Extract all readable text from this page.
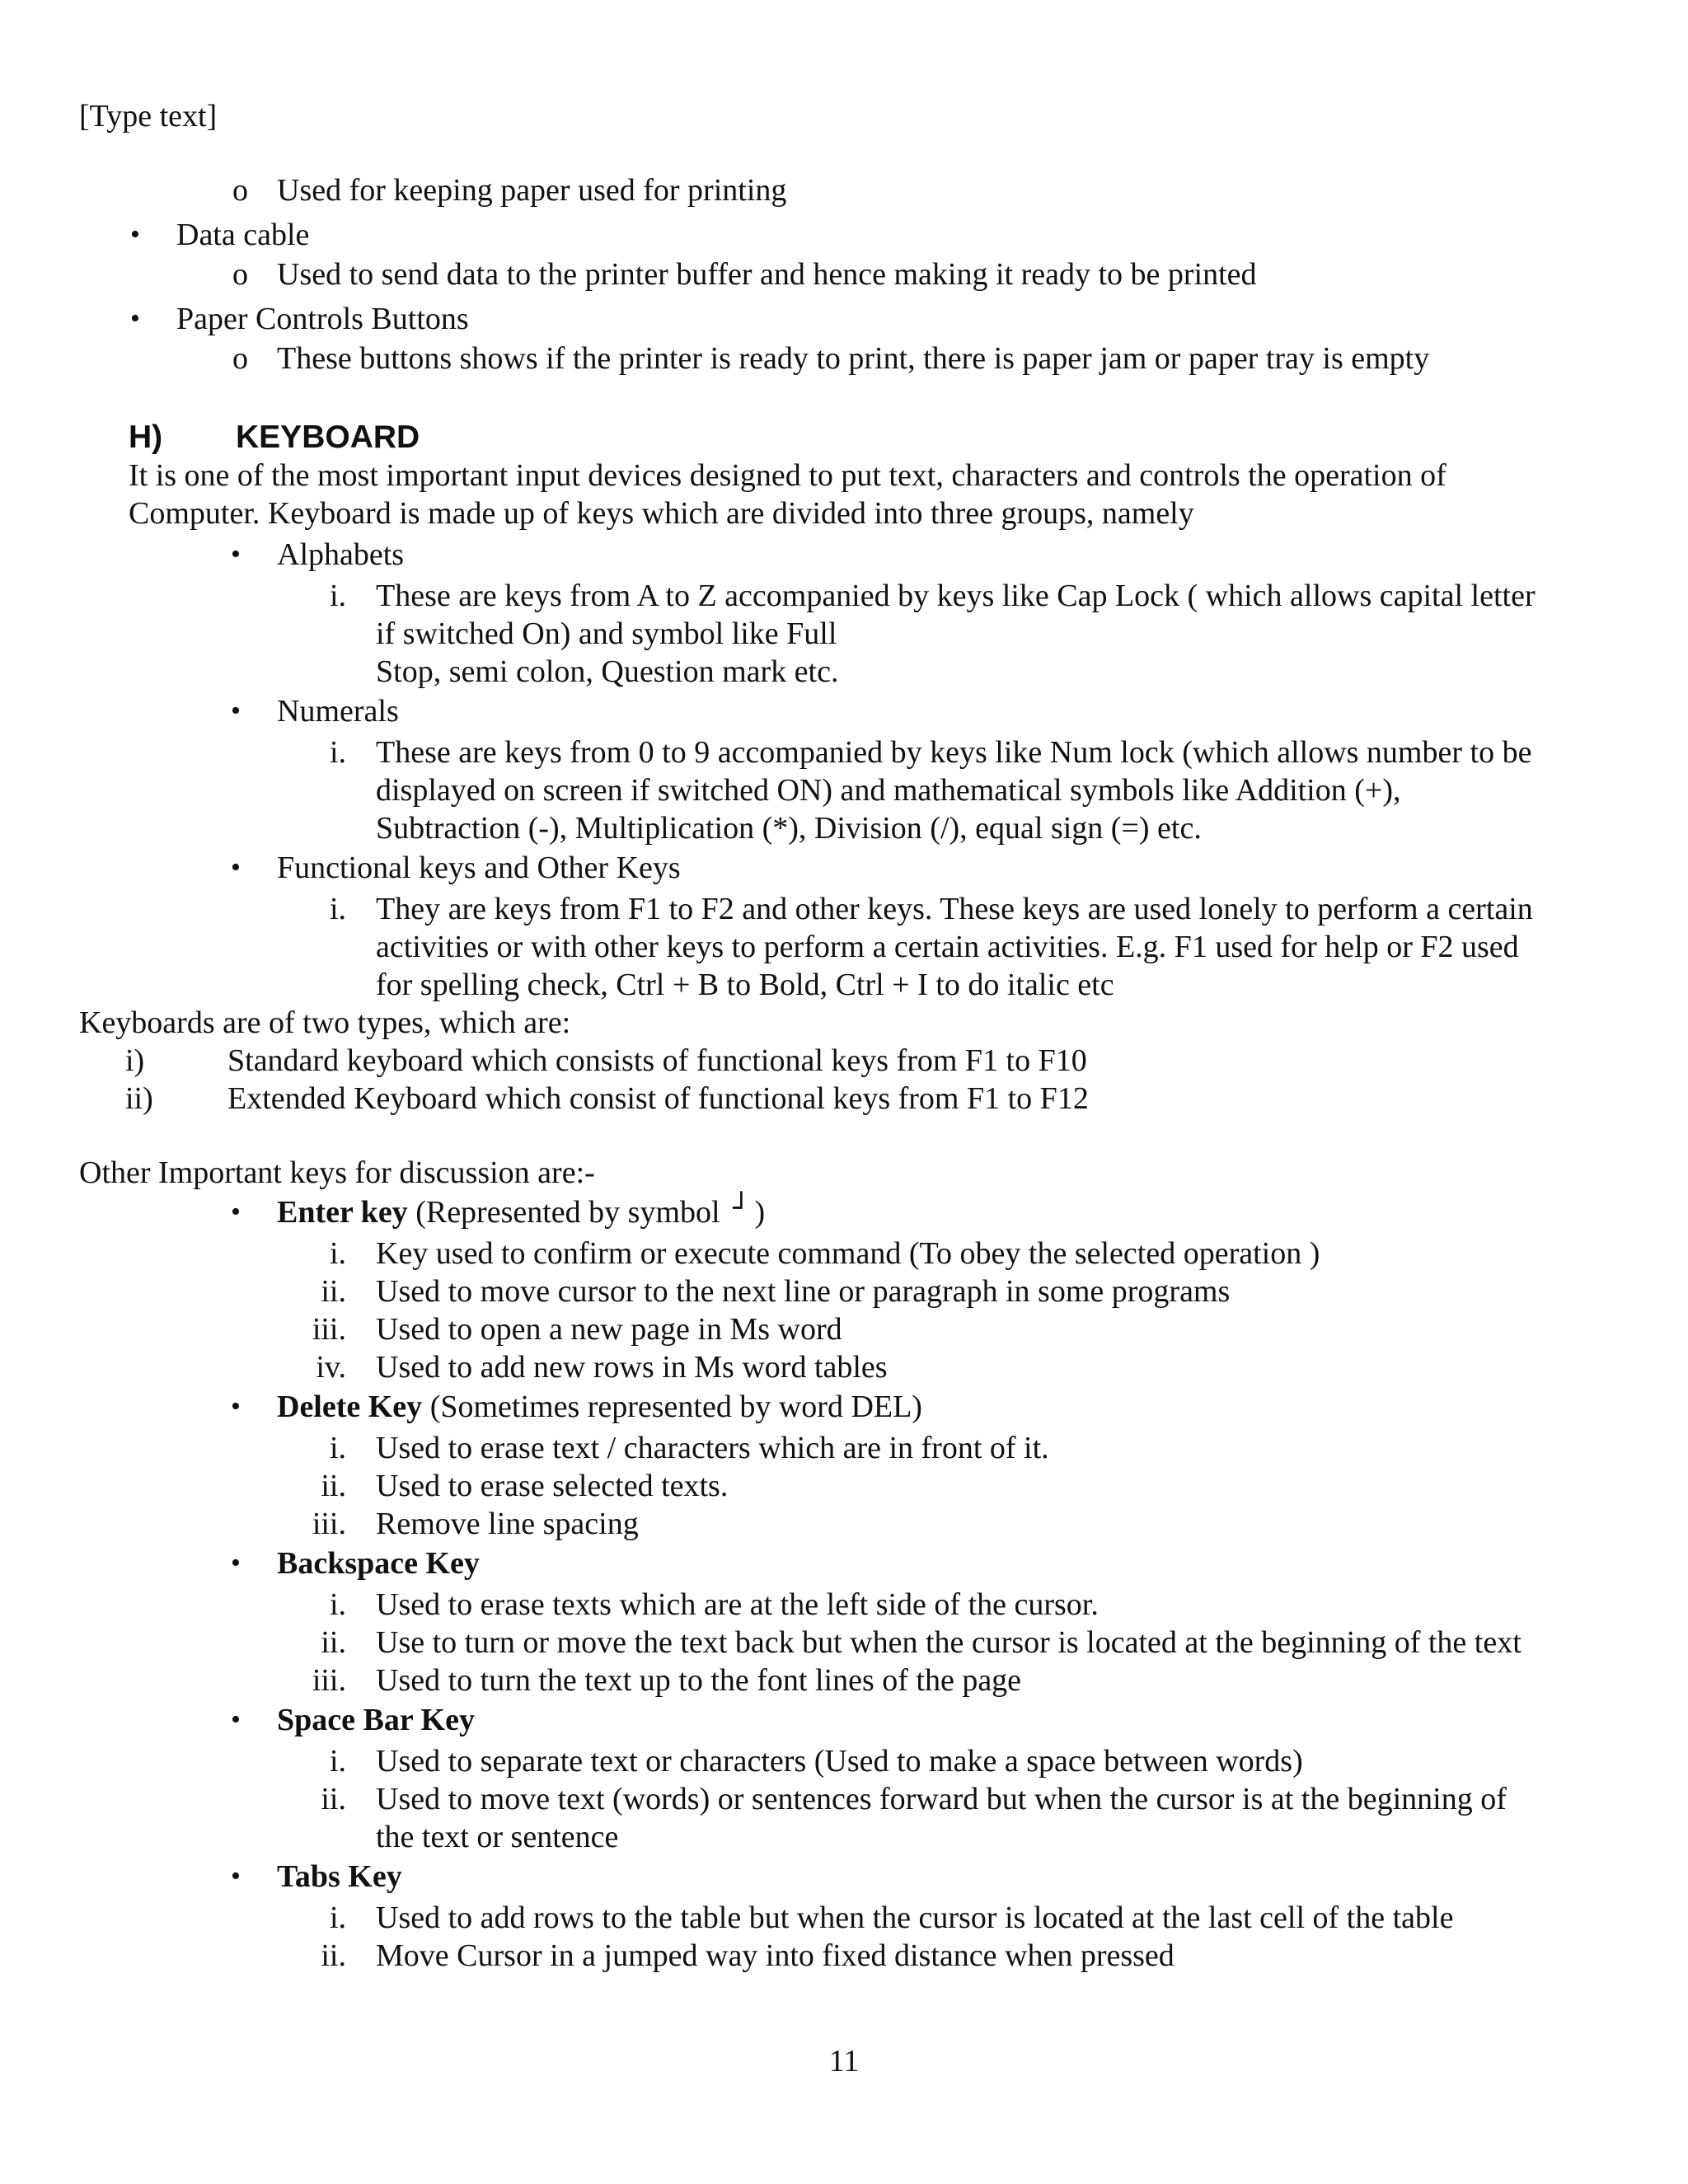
[Type text]
o Used for keeping paper used for printing
• Data cable
o Used to send data to the printer buffer and hence making it ready to be printed
• Paper Controls Buttons
o These buttons shows if the printer is ready to print, there is paper jam or paper tray is empty
H) KEYBOARD
It is one of the most important input devices designed to put text, characters and controls the operation of
Computer. Keyboard is made up of keys which are divided into three groups, namely
• Alphabets
i. These are keys from A to Z accompanied by keys like Cap Lock ( which allows capital letter
if switched On) and symbol like Full
Stop, semi colon, Question mark etc.
• Numerals
i. These are keys from 0 to 9 accompanied by keys like Num lock (which allows number to be
displayed on screen if switched ON) and mathematical symbols like Addition (+),
Subtraction (-), Multiplication (*), Division (/), equal sign (=) etc.
• Functional keys and Other Keys
i. They are keys from F1 to F2 and other keys. These keys are used lonely to perform a certain
activities or with other keys to perform a certain activities. E.g. F1 used for help or F2 used
for spelling check, Ctrl + B to Bold, Ctrl + I to do italic etc
Keyboards are of two types, which are:
i)	Standard keyboard which consists of functional keys from F1 to F10
ii) Extended Keyboard which consist of functional keys from F1 to F12
Other Important keys for discussion are:-
• Enter key (Represented by symbol ┘ )
i. Key used to confirm or execute command (To obey the selected operation )
ii. Used to move cursor to the next line or paragraph in some programs
iii. Used to open a new page in Ms word
iv. Used to add new rows in Ms word tables
• Delete Key (Sometimes represented by word DEL)
i. Used to erase text / characters which are in front of it.
ii. Used to erase selected texts.
iii. Remove line spacing
• Backspace Key
i. Used to erase texts which are at the left side of the cursor.
ii. Use to turn or move the text back but when the cursor is located at the beginning of the text
iii. Used to turn the text up to the font lines of the page
• Space Bar Key
i. Used to separate text or characters (Used to make a space between words)
ii. Used to move text (words) or sentences forward but when the cursor is at the beginning of
the text or sentence
• Tabs Key
i. Used to add rows to the table but when the cursor is located at the last cell of the table
ii. Move Cursor in a jumped way into fixed distance when pressed
11
